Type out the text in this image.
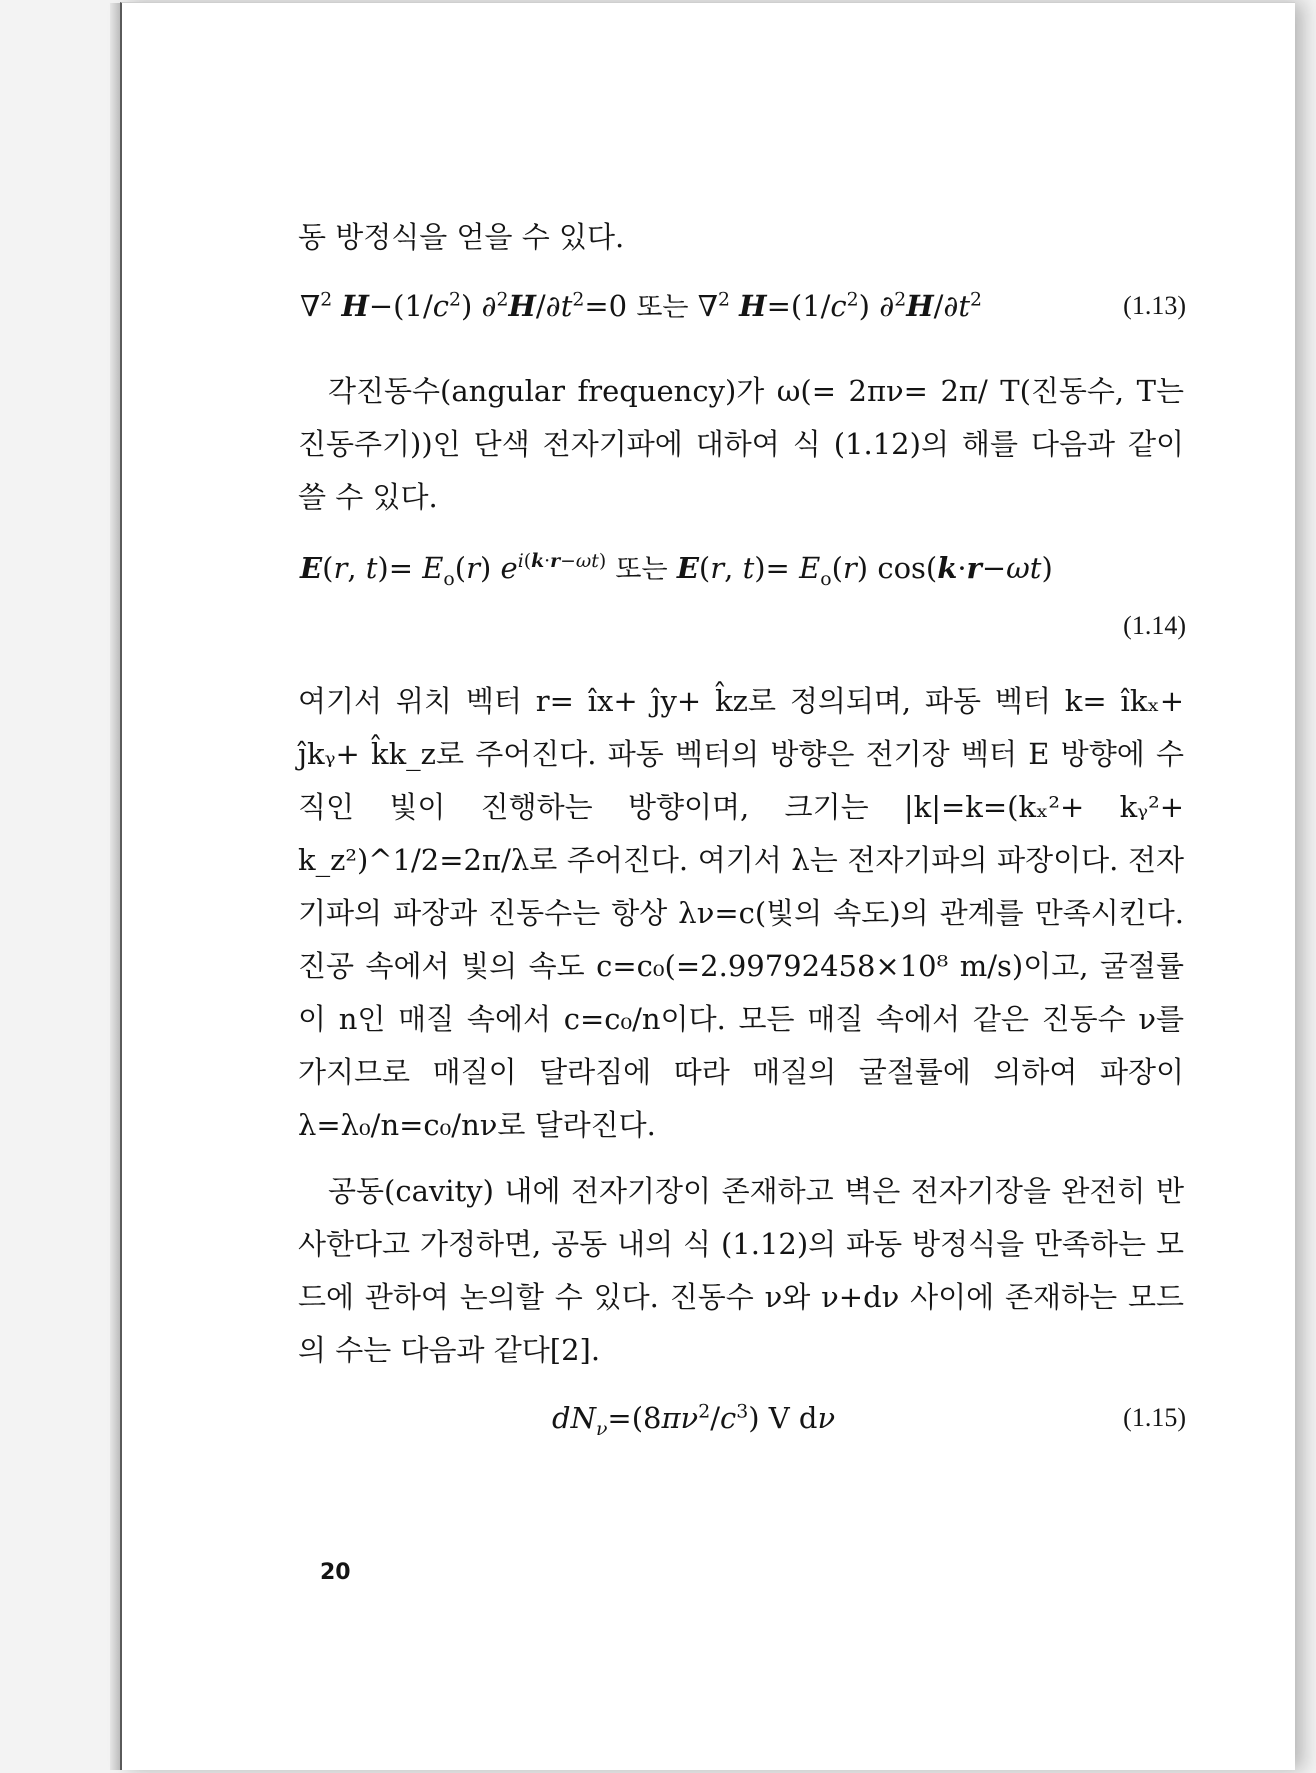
동 방정식을 얻을 수 있다.

∇$^2$ $H-(1/c^2)$ $\partial^2H/\partial t^2=0$ 또는 ∇$^2$ $H=(1/c^2)$ $\partial^2H/\partial t^2$	(1.13)

각진동수(angular frequency)가 ω(= 2πν= 2π/ T(진동수, T는 진동주기))인 단색 전자기파에 대하여 식 (1.12)의 해를 다음과 같이 쓸 수 있다.

E(r, $t)= E_o(r)$ $e^{i(k\cdot r-\omega t)}$ 또는 E(r, $t)= E_o(r)$ cos(k·r−ωt)
(1.14)

여기서 위치 벡터 r= îx+ ĵy+ k̂z로 정의되며, 파동 벡터 k= îkₓ+ ĵkᵧ+ k̂k_z로 주어진다. 파동 벡터의 방향은 전기장 벡터 E 방향에 수직인 빛이 진행하는 방향이며, 크기는 |k|=k=(kₓ²+ kᵧ²+ k_z²)^1/2=2π/λ로 주어진다. 여기서 λ는 전자기파의 파장이다. 전자기파의 파장과 진동수는 항상 λν=c(빛의 속도)의 관계를 만족시킨다. 진공 속에서 빛의 속도 c=c₀(=2.99792458×10⁸ m/s)이고, 굴절률이 n인 매질 속에서 c=c₀/n이다. 모든 매질 속에서 같은 진동수 ν를 가지므로 매질이 달라짐에 따라 매질의 굴절률에 의하여 파장이 λ=λ₀/n=c₀/nν로 달라진다.

공동(cavity) 내에 전자기장이 존재하고 벽은 전자기장을 완전히 반사한다고 가정하면, 공동 내의 식 (1.12)의 파동 방정식을 만족하는 모드에 관하여 논의할 수 있다. 진동수 ν와 ν+dν 사이에 존재하는 모드의 수는 다음과 같다[2].

$dN_\nu=(8\pi\nu^2/c^3)$ V dν	(1.15)
20
